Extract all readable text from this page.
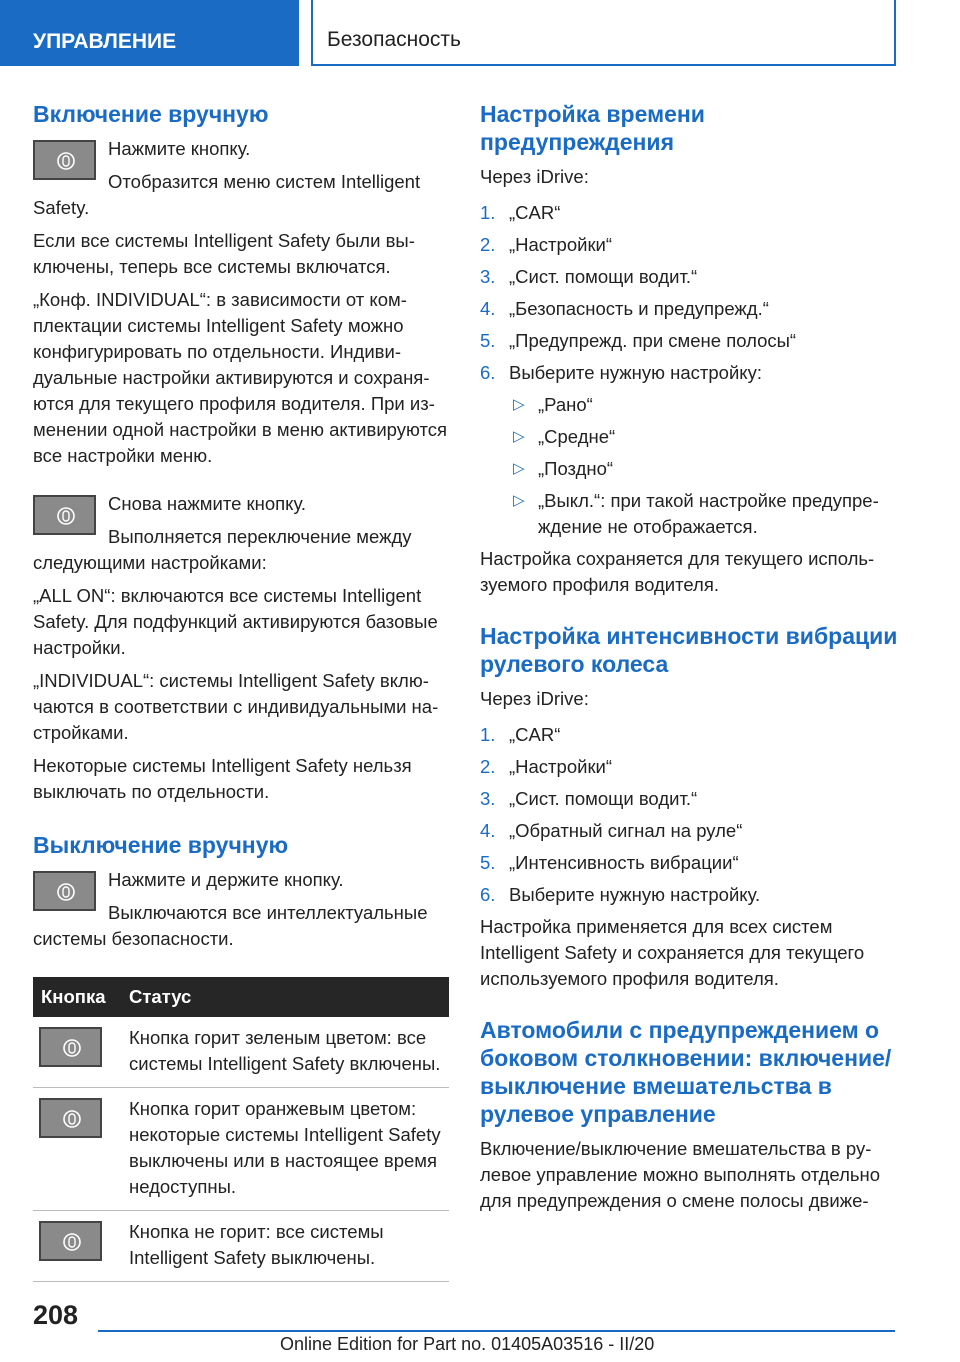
УПРАВЛЕНИЕ	Безопасность
Включение вручную

Нажмите кнопку.

Отобразится меню систем Intelligent Safety.

Если все системы Intelligent Safety были выключены, теперь все системы включатся.

„Конф. INDIVIDUAL“: в зависимости от комплектации системы Intelligent Safety можно конфигурировать по отдельности. Индивидуальные настройки активируются и сохраняются для текущего профиля водителя. При изменении одной настройки в меню активируются все настройки меню.

Снова нажмите кнопку.

Выполняется переключение между следующими настройками:

„ALL ON“: включаются все системы Intelligent Safety. Для подфункций активируются базовые настройки.

„INDIVIDUAL“: системы Intelligent Safety включаются в соответствии с индивидуальными настройками.

Некоторые системы Intelligent Safety нельзя выключать по отдельности.

Выключение вручную

Нажмите и держите кнопку.

Выключаются все интеллектуальные системы безопасности.

Кнопка	Статус

	Кнопка горит зеленым цветом: все системы Intelligent Safety включены.

	Кнопка горит оранжевым цветом: некоторые системы Intelligent Safety выключены или в настоящее время недоступны.

	Кнопка не горит: все системы Intelligent Safety выключены.
Настройка времени предупреждения

Через iDrive:

1. „CAR“
2. „Настройки“
3. „Сист. помощи водит.“
4. „Безопасность и предупрежд.“
5. „Предупрежд. при смене полосы“
6. Выберите нужную настройку:
▷ „Рано“
▷ „Средне“
▷ „Поздно“
▷ „Выкл.“: при такой настройке предупреждение не отображается.

Настройка сохраняется для текущего используемого профиля водителя.

Настройка интенсивности вибрации рулевого колеса

Через iDrive:

1. „CAR“
2. „Настройки“
3. „Сист. помощи водит.“
4. „Обратный сигнал на руле“
5. „Интенсивность вибрации“
6. Выберите нужную настройку.

Настройка применяется для всех систем Intelligent Safety и сохраняется для текущего используемого профиля водителя.

Автомобили с предупреждением о боковом столкновении: включение/выключение вмешательства в рулевое управление

Включение/выключение вмешательства в рулевое управление можно выполнять отдельно для предупреждения о смене полосы движе-

208
Online Edition for Part no. 01405A03516 - II/20
